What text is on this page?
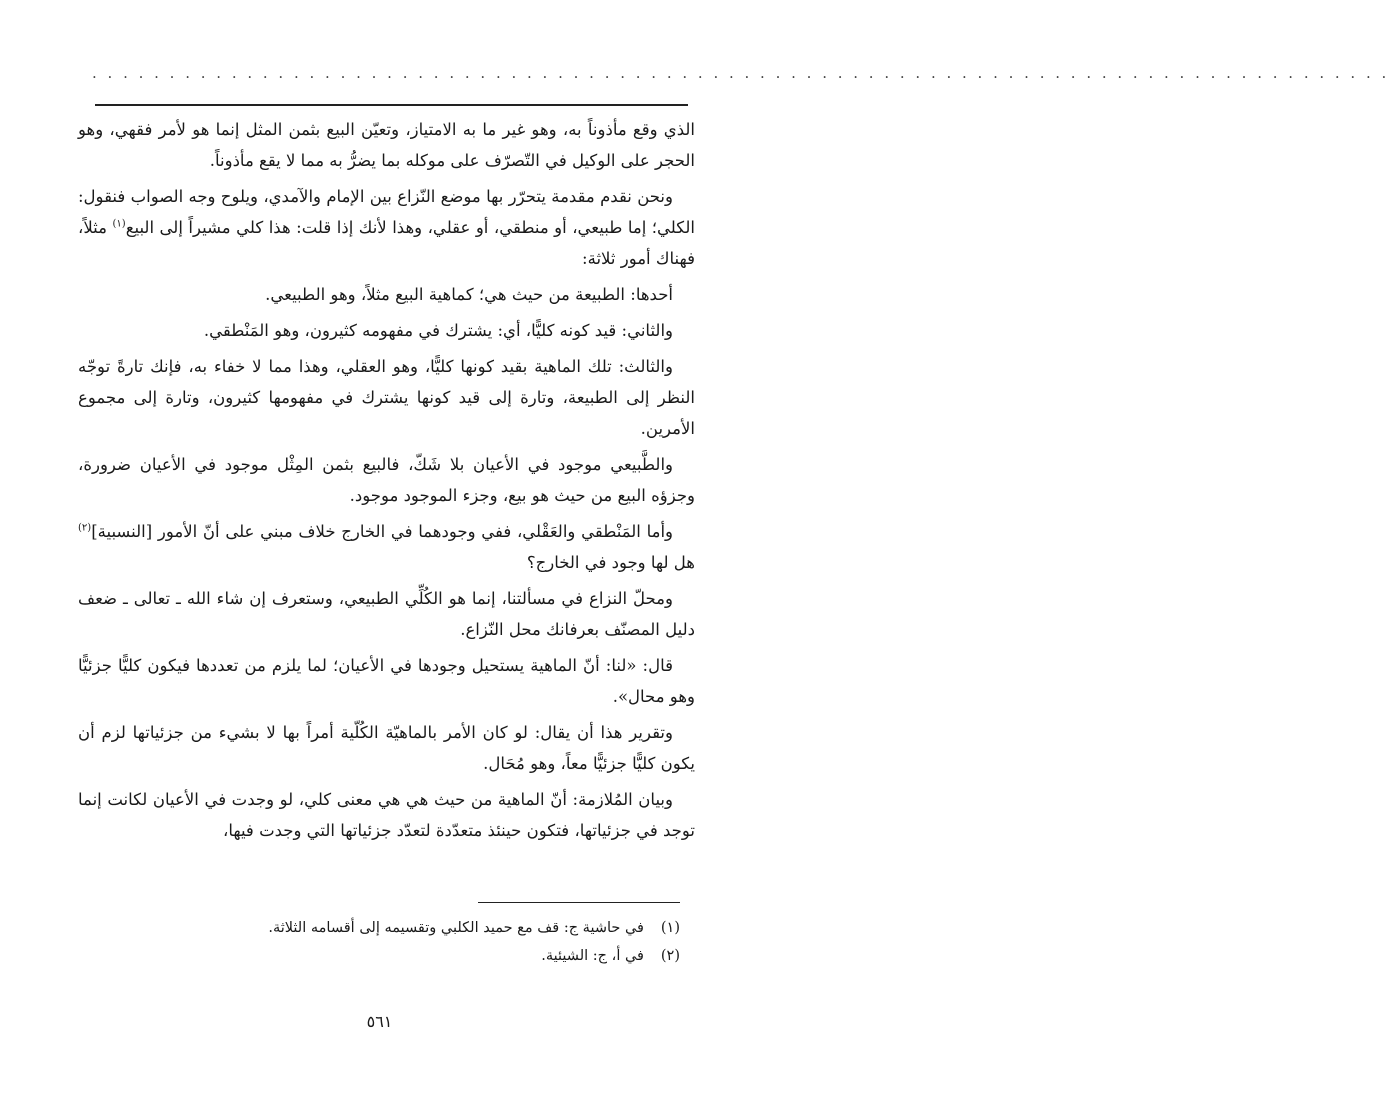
. . . . . . . . . . . . . . . . . . . . . . . . . . . . . . . . . . . . . . . . . . . . . . . . . . . . . . . . . . . . . . . . . . . . . . . . . . . . . . . . . . . .

الذي وقع مأذوناً به، وهو غير ما به الامتياز، وتعيّن البيع بثمن المثل إنما هو لأمر فقهي، وهو الحجر على الوكيل في التّصرّف على موكله بما يضرُّ به مما لا يقع مأذوناً.

ونحن نقدم مقدمة يتحرّر بها موضع النّزاع بين الإمام والآمدي، ويلوح وجه الصواب فنقول: الكلي؛ إما طبيعي، أو منطقي، أو عقلي، وهذا لأنك إذا قلت: هذا كلي مشيراً إلى البيع$^{(١)}$ مثلاً، فهناك أمور ثلاثة:

أحدها: الطبيعة من حيث هي؛ كماهية البيع مثلاً، وهو الطبيعي.

والثاني: قيد كونه كليًّا، أي: يشترك في مفهومه كثيرون، وهو المَنْطقي.

والثالث: تلك الماهية بقيد كونها كليًّا، وهو العقلي، وهذا مما لا خفاء به، فإنك تارةً توجّه النظر إلى الطبيعة، وتارة إلى قيد كونها يشترك في مفهومها كثيرون، وتارة إلى مجموع الأمرين.

والطَّبيعي موجود في الأعيان بلا شَكّ، فالبيع بثمن المِثْل موجود في الأعيان ضرورة، وجزؤه البيع من حيث هو بيع، وجزء الموجود موجود.

وأما المَنْطقي والعَقْلي، ففي وجودهما في الخارج خلاف مبني على أنّ الأمور [النسبية]$^{(٢)}$ هل لها وجود في الخارج؟

ومحلّ النزاع في مسألتنا، إنما هو الكُلِّي الطبيعي، وستعرف إن شاء الله ـ تعالى ـ ضعف دليل المصنّف بعرفانك محل النّزاع.

قال: «لنا: أنّ الماهية يستحيل وجودها في الأعيان؛ لما يلزم من تعددها فيكون كليًّا جزئيًّا وهو محال».

وتقرير هذا أن يقال: لو كان الأمر بالماهيّة الكُلّية أمراً بها لا بشيء من جزئياتها لزم أن يكون كليًّا جزئيًّا معاً، وهو مُحَال.

وبيان المُلازمة: أنّ الماهية من حيث هي هي معنى كلي، لو وجدت في الأعيان لكانت إنما توجد في جزئياتها، فتكون حينئذ متعدّدة لتعدّد جزئياتها التي وجدت فيها،

(١)في حاشية ج: قف مع حميد الكلبي وتقسيمه إلى أقسامه الثلاثة.

(٢)في أ، ج: الشيئية.

٥٦١
